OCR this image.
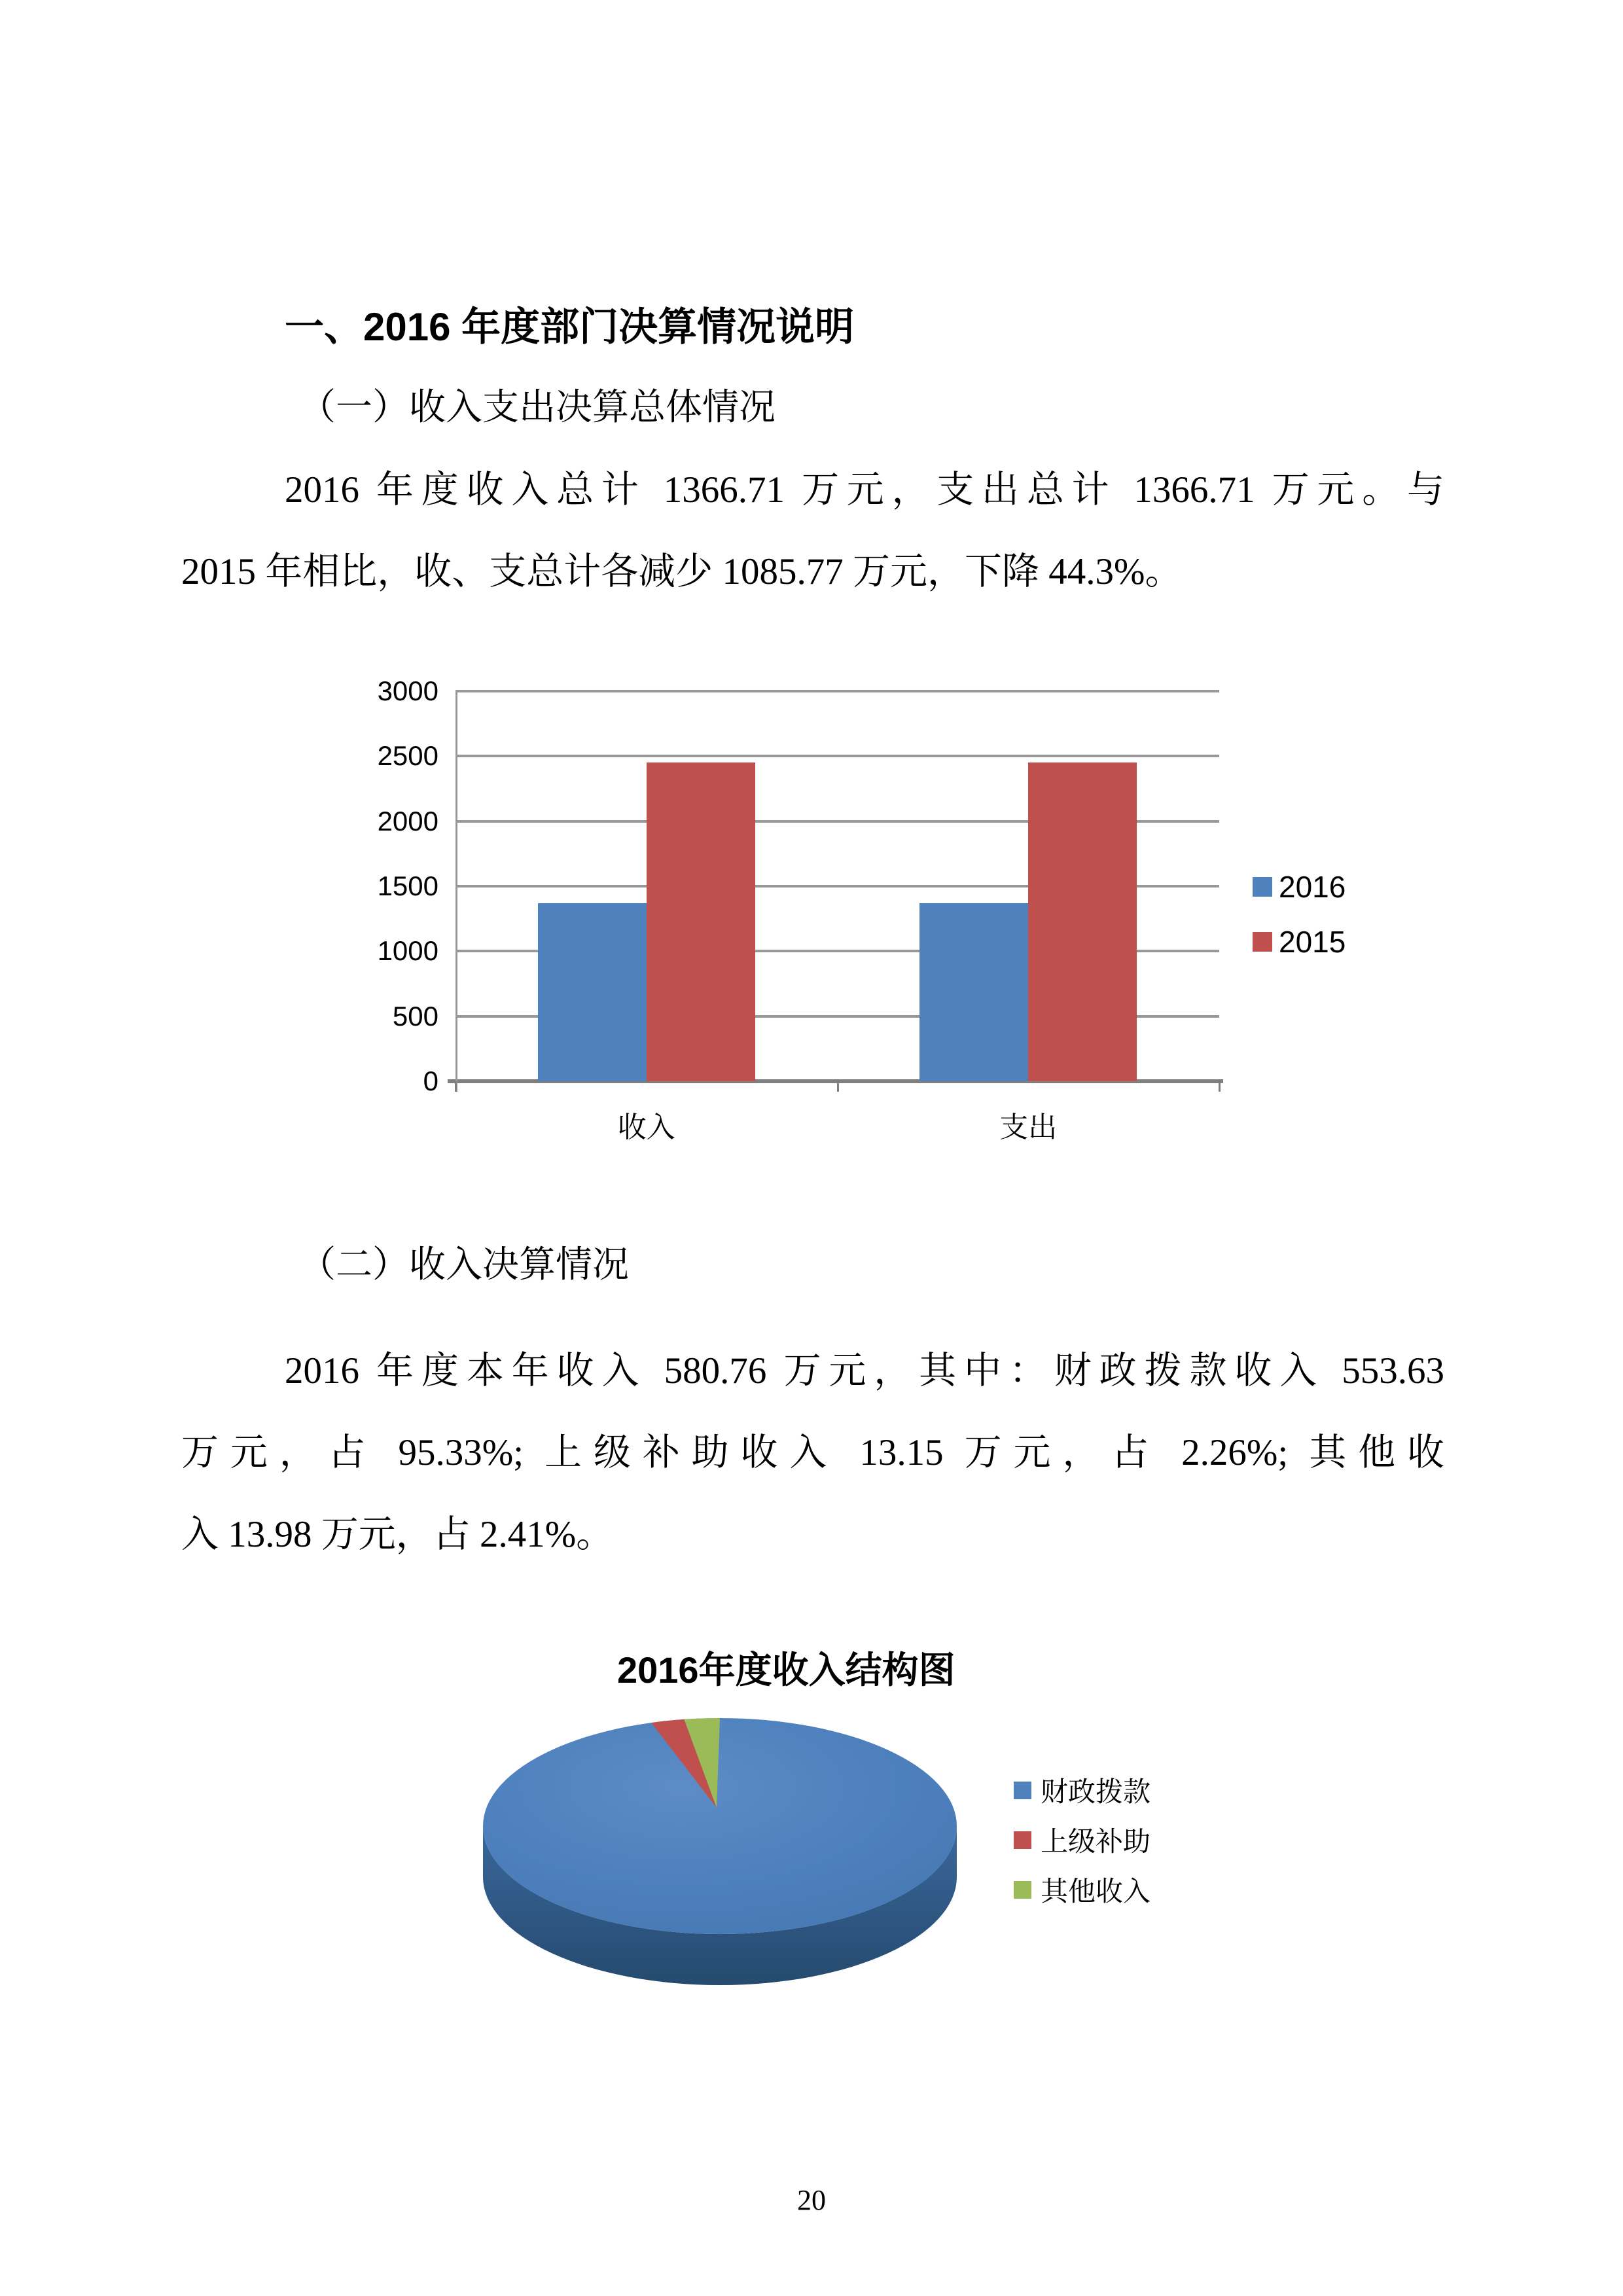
一、2016 年度部门决算情况说明
（一）收入支出决算总体情况
2016 年度收入总计 1366.71 万元，支出总计 1366.71 万元。与
2015 年相比，收、支总计各减少 1085.77 万元，下降 44.3%。
0
500
1000
1500
2000
2500
3000
收入	支出
2016
2015
（二）收入决算情况
2016 年度本年收入 580.76 万元，其中：财政拨款收入 553.63
万元，占 95.33%; 上级补助收入 13.15 万元，占 2.26%; 其他收
入 13.98 万元，占 2.41%。
2016年度收入结构图
财政拨款
上级补助
其他收入
20
